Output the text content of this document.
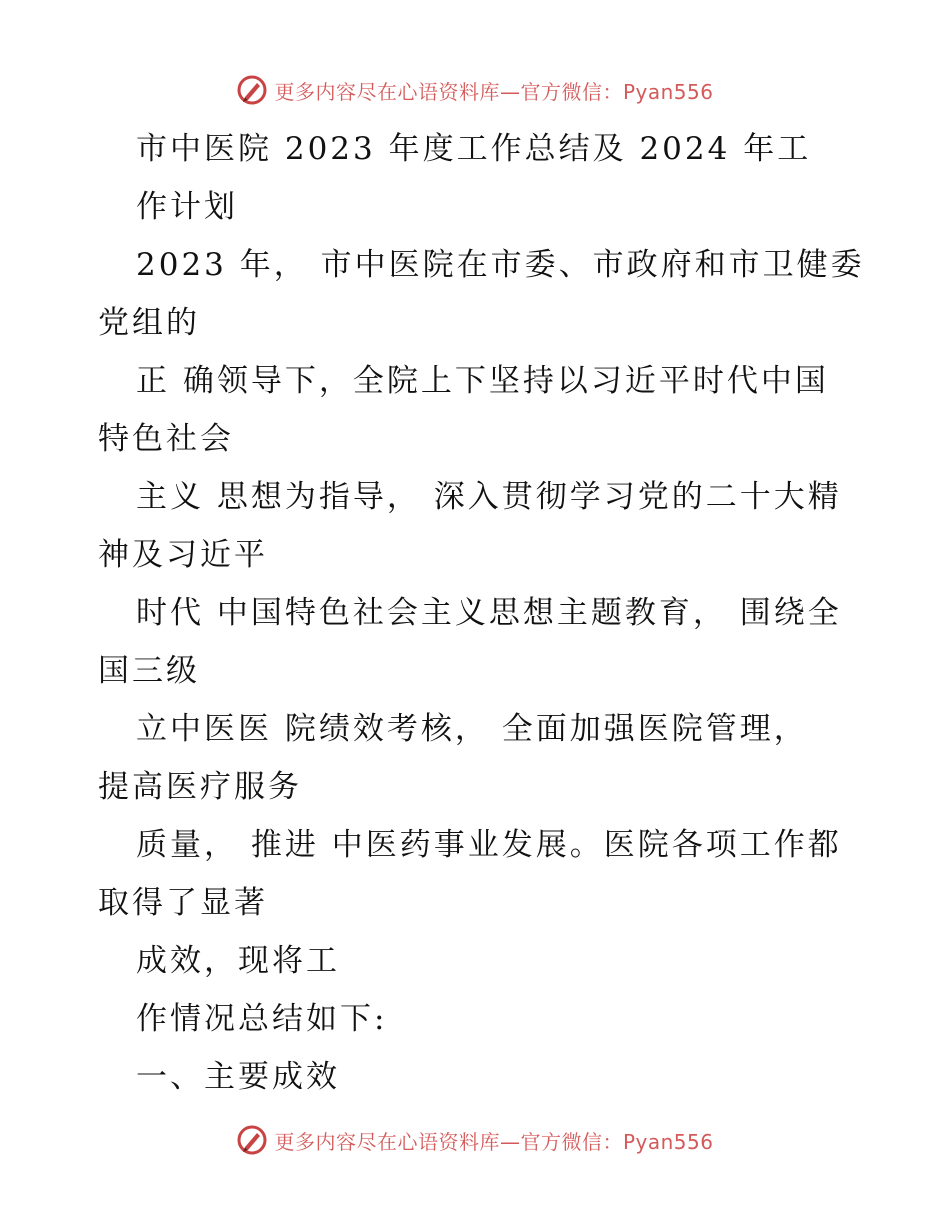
更多内容尽在心语资料库—官方微信：Pyan556
市中医院 2023 年度工作总结及 2024 年工
作计划
2023 年， 市中医院在市委、市政府和市卫健委
党组的
正 确领导下，全院上下坚持以习近平时代中国
特色社会
主义 思想为指导， 深入贯彻学习党的二十大精
神及习近平
时代 中国特色社会主义思想主题教育， 围绕全
国三级
立中医医 院绩效考核， 全面加强医院管理，
提高医疗服务
质量， 推进 中医药事业发展。医院各项工作都
取得了显著
成效，现将工
作情况总结如下:
一、主要成效
更多内容尽在心语资料库—官方微信：Pyan556
